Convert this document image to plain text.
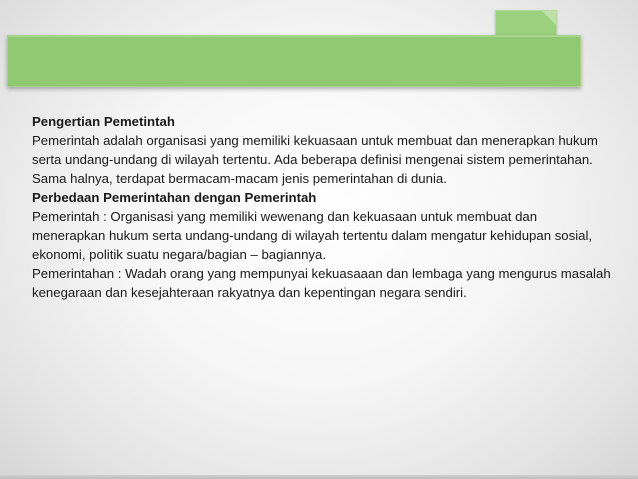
Pengertian Pemetintah

Pemerintah adalah organisasi yang memiliki kekuasaan untuk membuat dan menerapkan hukum serta undang-undang di wilayah tertentu. Ada beberapa definisi mengenai sistem pemerintahan. Sama halnya, terdapat bermacam-macam jenis pemerintahan di dunia.

Perbedaan Pemerintahan dengan Pemerintah

Pemerintah : Organisasi yang memiliki wewenang dan kekuasaan untuk membuat dan menerapkan hukum serta undang-undang di wilayah tertentu dalam mengatur kehidupan sosial, ekonomi, politik suatu negara/bagian – bagiannya.

Pemerintahan : Wadah orang yang mempunyai kekuasaaan dan lembaga yang mengurus masalah kenegaraan dan kesejahteraan rakyatnya dan kepentingan negara sendiri.
